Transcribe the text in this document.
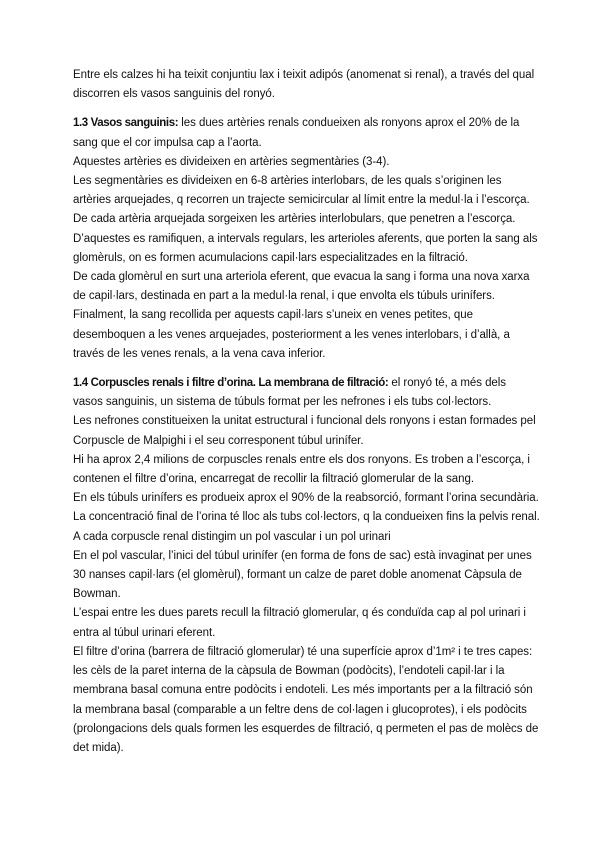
Entre els calzes hi ha teixit conjuntiu lax i teixit adipós (anomenat si renal), a través del qual
discorren els vasos sanguinis del ronyó.
1.3 Vasos sanguinis: les dues artèries renals condueixen als ronyons aprox el 20% de la
sang que el cor impulsa cap a l’aorta.
Aquestes artèries es divideixen en artèries segmentàries (3-4).
Les segmentàries es divideixen en 6-8 artèries interlobars, de les quals s’originen les
artèries arquejades, q recorren un trajecte semicircular al límit entre la medul·la i l’escorça.
De cada artèria arquejada sorgeixen les artèries interlobulars, que penetren a l’escorça.
D’aquestes es ramifiquen, a intervals regulars, les arterioles aferents, que porten la sang als
glomèruls, on es formen acumulacions capil·lars especialitzades en la filtració.
De cada glomèrul en surt una arteriola eferent, que evacua la sang i forma una nova xarxa
de capil·lars, destinada en part a la medul·la renal, i que envolta els túbuls urinífers.
Finalment, la sang recollida per aquests capil·lars s’uneix en venes petites, que
desemboquen a les venes arquejades, posteriorment a les venes interlobars, i d’allà, a
través de les venes renals, a la vena cava inferior.
1.4 Corpuscles renals i filtre d’orina. La membrana de filtració: el ronyó té, a més dels
vasos sanguinis, un sistema de túbuls format per les nefrones i els tubs col·lectors.
Les nefrones constitueixen la unitat estructural i funcional dels ronyons i estan formades pel
Corpuscle de Malpighi i el seu corresponent túbul urinífer.
Hi ha aprox 2,4 milions de corpuscles renals entre els dos ronyons. Es troben a l’escorça, i
contenen el filtre d’orina, encarregat de recollir la filtració glomerular de la sang.
En els túbuls urinífers es produeix aprox el 90% de la reabsorció, formant l’orina secundària.
La concentració final de l’orina té lloc als tubs col·lectors, q la condueixen fins la pelvis renal.
A cada corpuscle renal distingim un pol vascular i un pol urinari
En el pol vascular, l’inici del túbul urinífer (en forma de fons de sac) està invaginat per unes
30 nanses capil·lars (el glomèrul), formant un calze de paret doble anomenat Càpsula de
Bowman.
L’espai entre les dues parets recull la filtració glomerular, q és conduïda cap al pol urinari i
entra al túbul urinari eferent.
El filtre d’orina (barrera de filtració glomerular) té una superfície aprox d’1m² i te tres capes:
les cèls de la paret interna de la càpsula de Bowman (podòcits), l’endoteli capil·lar i la
membrana basal comuna entre podòcits i endoteli. Les més importants per a la filtració són
la membrana basal (comparable a un feltre dens de col·lagen i glucoprotes), i els podòcits
(prolongacions dels quals formen les esquerdes de filtració, q permeten el pas de molècs de
det mida).
